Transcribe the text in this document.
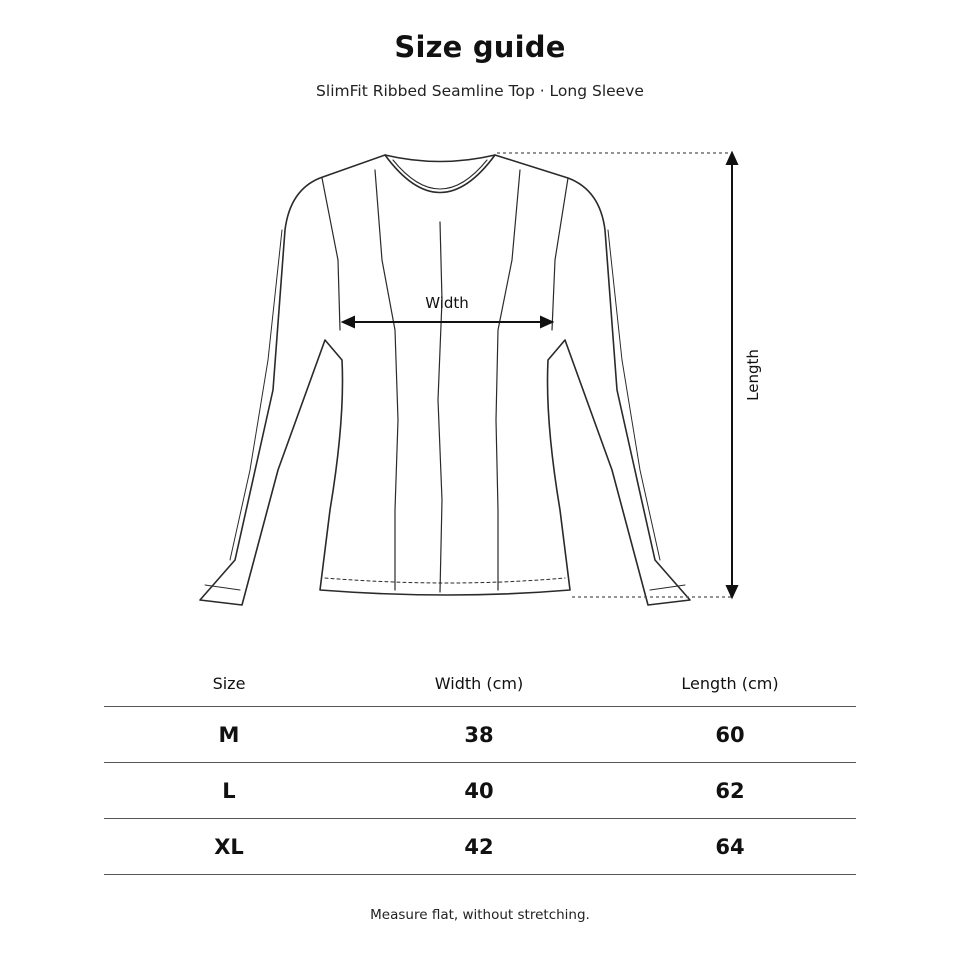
Size guide
SlimFit Ribbed Seamline Top · Long Sleeve
Width
Length
Size	Width (cm)	Length (cm)
M	38	60
L	40	62
XL	42	64
Measure flat, without stretching.
